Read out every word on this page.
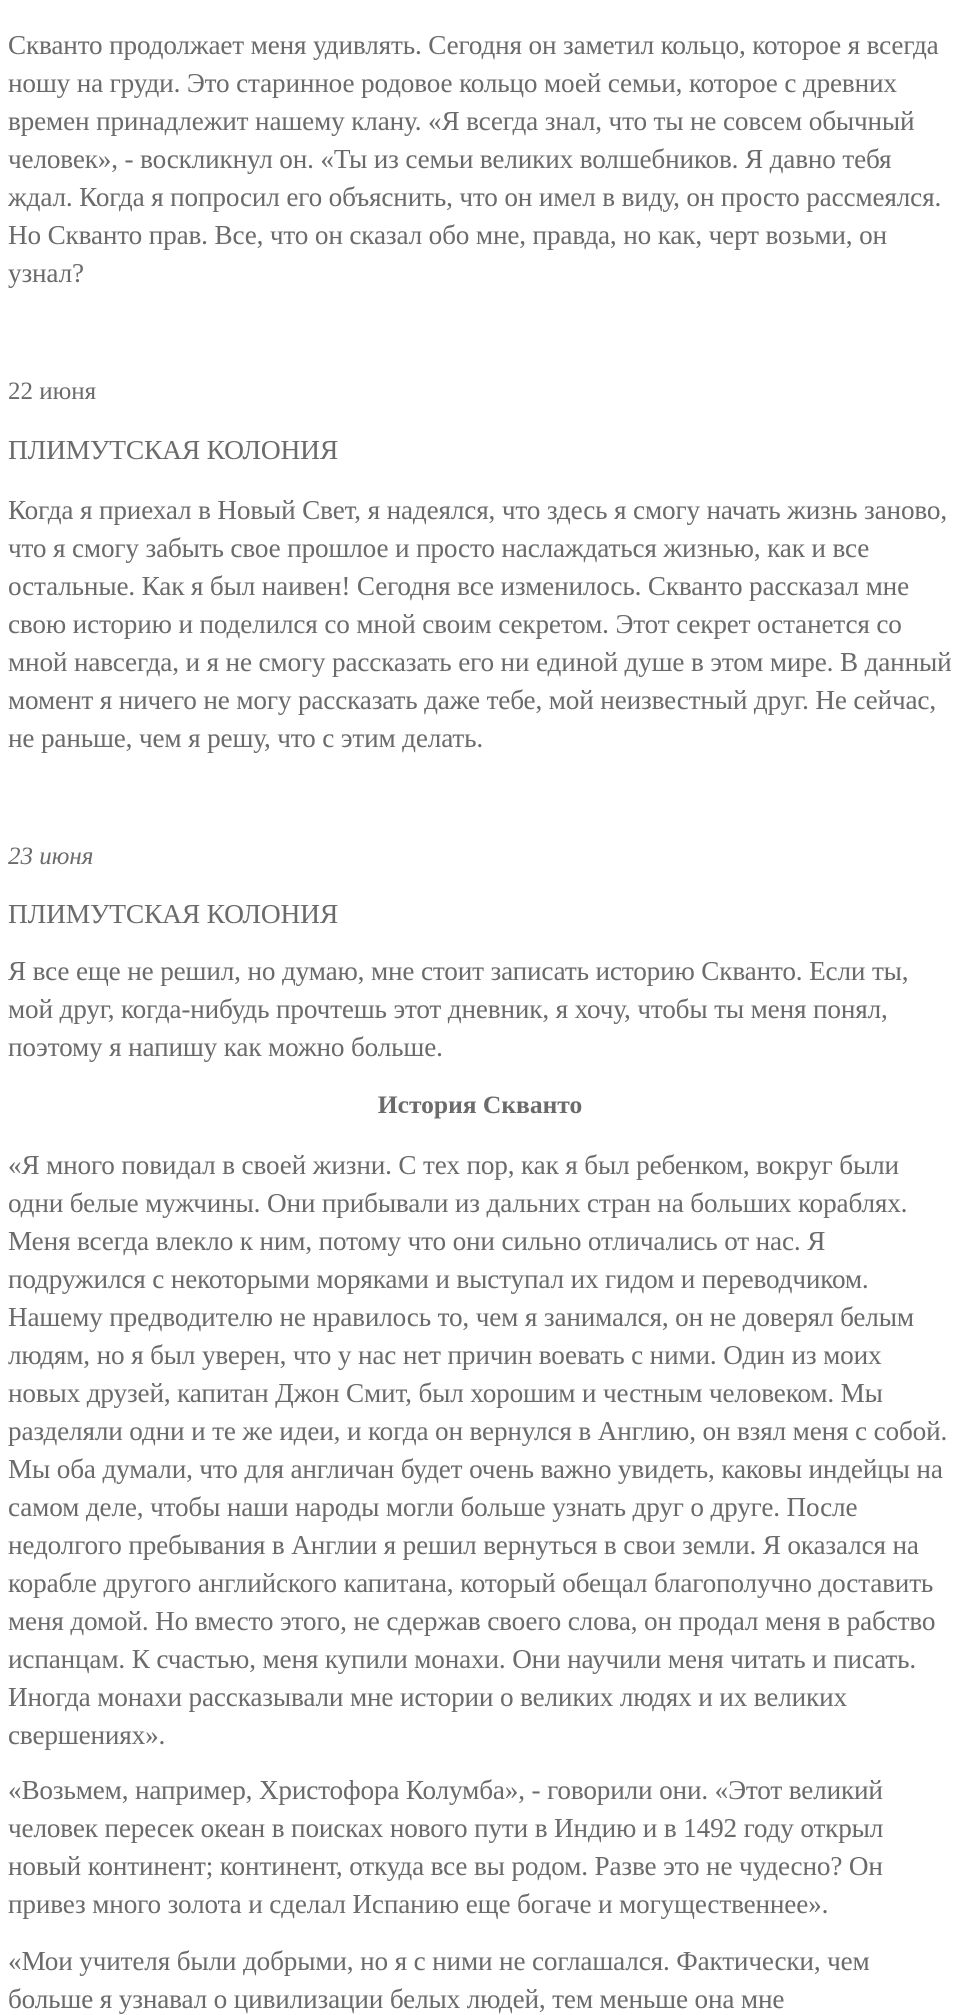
Скванто продолжает меня удивлять. Сегодня он заметил кольцо, которое я всегда ношу на груди. Это старинное родовое кольцо моей семьи, которое с древних времен принадлежит нашему клану. «Я всегда знал, что ты не совсем обычный человек», - воскликнул он. «Ты из семьи великих волшебников. Я давно тебя ждал. Когда я попросил его объяснить, что он имел в виду, он просто рассмеялся. Но Скванто прав. Все, что он сказал обо мне, правда, но как, черт возьми, он узнал?

22 июня

ПЛИМУТСКАЯ КОЛОНИЯ

Когда я приехал в Новый Свет, я надеялся, что здесь я смогу начать жизнь заново, что я смогу забыть свое прошлое и просто наслаждаться жизнью, как и все остальные. Как я был наивен! Сегодня все изменилось. Скванто рассказал мне свою историю и поделился со мной своим секретом. Этот секрет останется со мной навсегда, и я не смогу рассказать его ни единой душе в этом мире. В данный момент я ничего не могу рассказать даже тебе, мой неизвестный друг. Не сейчас, не раньше, чем я решу, что с этим делать.

23 июня

ПЛИМУТСКАЯ КОЛОНИЯ

Я все еще не решил, но думаю, мне стоит записать историю Скванто. Если ты, мой друг, когда-нибудь прочтешь этот дневник, я хочу, чтобы ты меня понял, поэтому я напишу как можно больше.

История Скванто

«Я много повидал в своей жизни. С тех пор, как я был ребенком, вокруг были одни белые мужчины. Они прибывали из дальних стран на больших кораблях. Меня всегда влекло к ним, потому что они сильно отличались от нас. Я подружился с некоторыми моряками и выступал их гидом и переводчиком. Нашему предводителю не нравилось то, чем я занимался, он не доверял белым людям, но я был уверен, что у нас нет причин воевать с ними. Один из моих новых друзей, капитан Джон Смит, был хорошим и честным человеком. Мы разделяли одни и те же идеи, и когда он вернулся в Англию, он взял меня с собой. Мы оба думали, что для англичан будет очень важно увидеть, каковы индейцы на самом деле, чтобы наши народы могли больше узнать друг о друге. После недолгого пребывания в Англии я решил вернуться в свои земли. Я оказался на корабле другого английского капитана, который обещал благополучно доставить меня домой. Но вместо этого, не сдержав своего слова, он продал меня в рабство испанцам. К счастью, меня купили монахи. Они научили меня читать и писать. Иногда монахи рассказывали мне истории о великих людях и их великих свершениях».

«Возьмем, например, Христофора Колумба», - говорили они. «Этот великий человек пересек океан в поисках нового пути в Индию и в 1492 году открыл новый континент; континент, откуда все вы родом. Разве это не чудесно? Он привез много золота и сделал Испанию еще богаче и могущественнее».

«Мои учителя были добрыми, но я с ними не соглашался. Фактически, чем больше я узнавал о цивилизации белых людей, тем меньше она мне
